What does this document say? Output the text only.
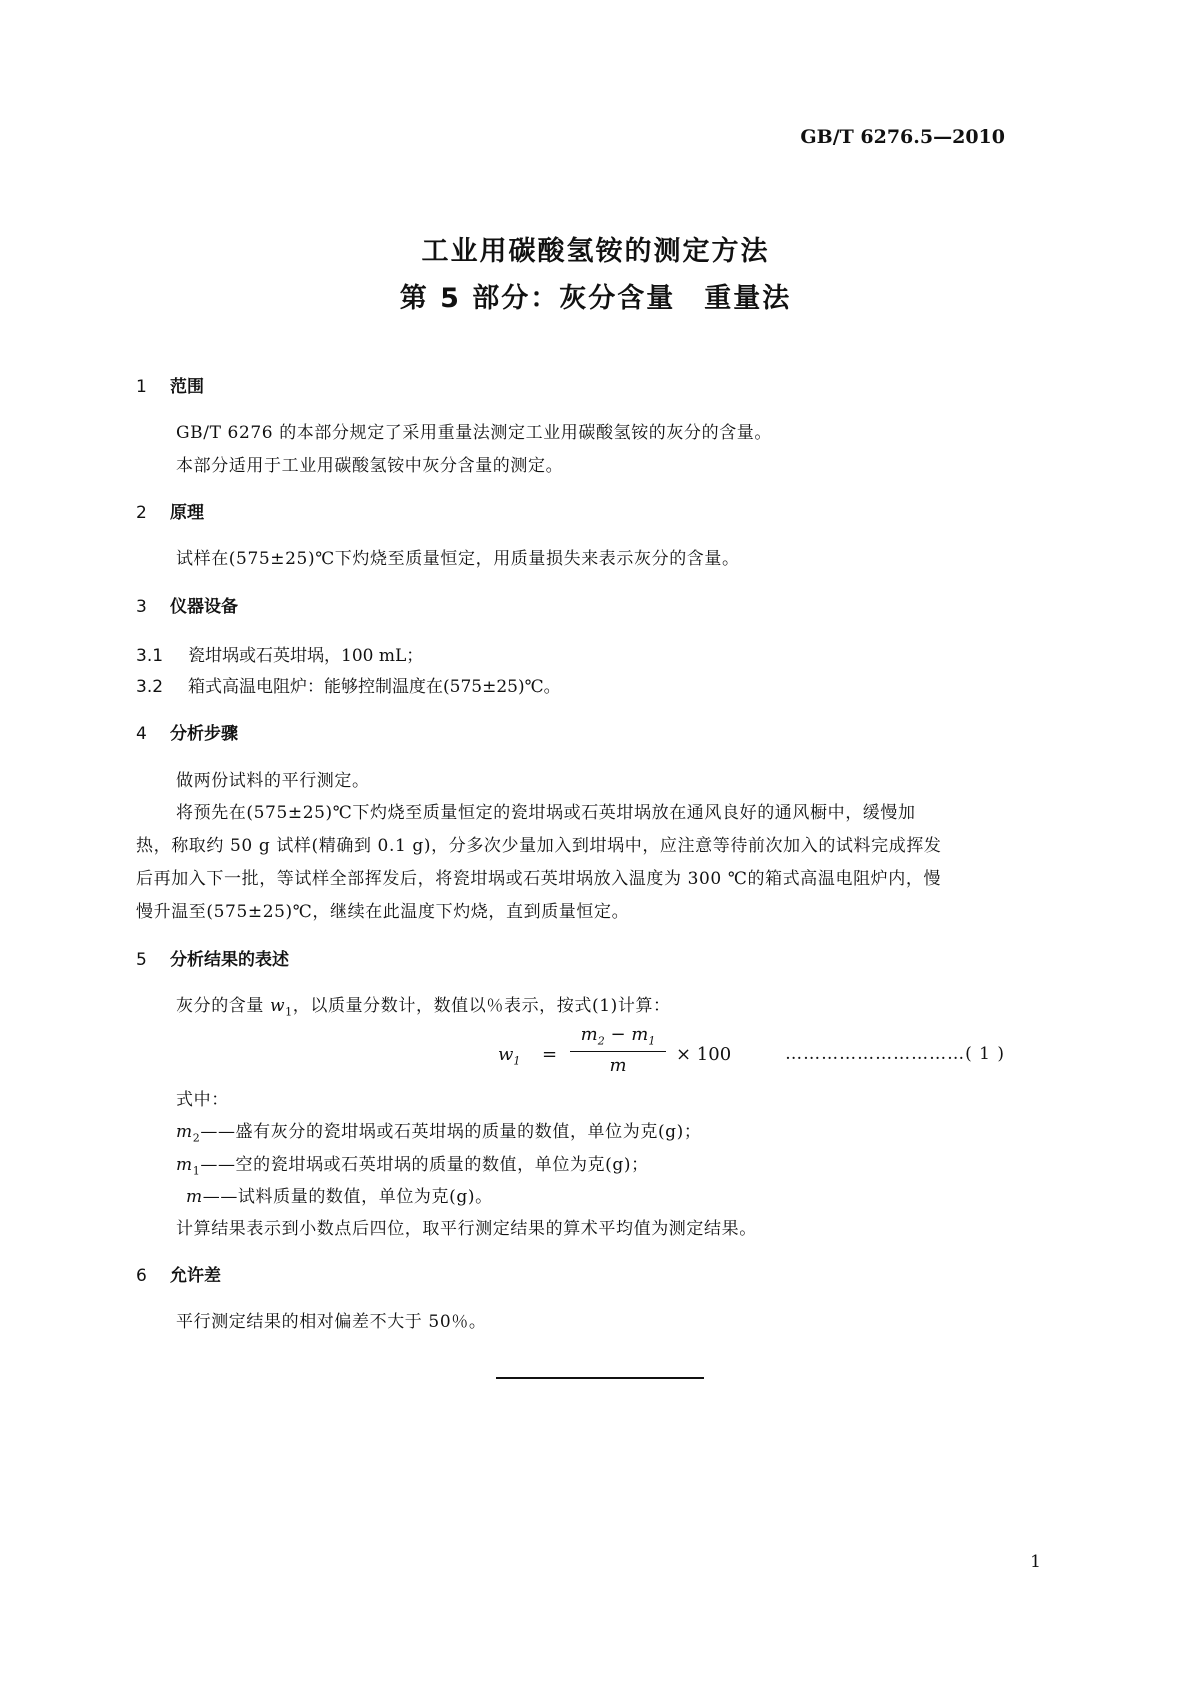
GB/T 6276.5—2010
工业用碳酸氢铵的测定方法
第 5 部分：灰分含量　重量法
1 范围
GB/T 6276 的本部分规定了采用重量法测定工业用碳酸氢铵的灰分的含量。
本部分适用于工业用碳酸氢铵中灰分含量的测定。
2 原理
试样在(575±25)℃下灼烧至质量恒定，用质量损失来表示灰分的含量。
3 仪器设备
3.1 瓷坩埚或石英坩埚，100 mL；
3.2 箱式高温电阻炉：能够控制温度在(575±25)℃。
4 分析步骤
做两份试料的平行测定。
将预先在(575±25)℃下灼烧至质量恒定的瓷坩埚或石英坩埚放在通风良好的通风橱中，缓慢加
热，称取约 50 g 试样(精确到 0.1 g)，分多次少量加入到坩埚中，应注意等待前次加入的试料完成挥发
后再加入下一批，等试样全部挥发后，将瓷坩埚或石英坩埚放入温度为 300 ℃的箱式高温电阻炉内，慢
慢升温至(575±25)℃，继续在此温度下灼烧，直到质量恒定。
5 分析结果的表述
灰分的含量 $w_1$，以质量分数计，数值以％表示，按式(1)计算：
$w_1$ =
$m_2 - m_1$
m
× 100	…………………………( 1 )
式中：
$m_2——$盛有灰分的瓷坩埚或石英坩埚的质量的数值，单位为克(g)；
$m_1——$空的瓷坩埚或石英坩埚的质量的数值，单位为克(g)；
m——试料质量的数值，单位为克(g)。
计算结果表示到小数点后四位，取平行测定结果的算术平均值为测定结果。
6 允许差
平行测定结果的相对偏差不大于 50％。
1
